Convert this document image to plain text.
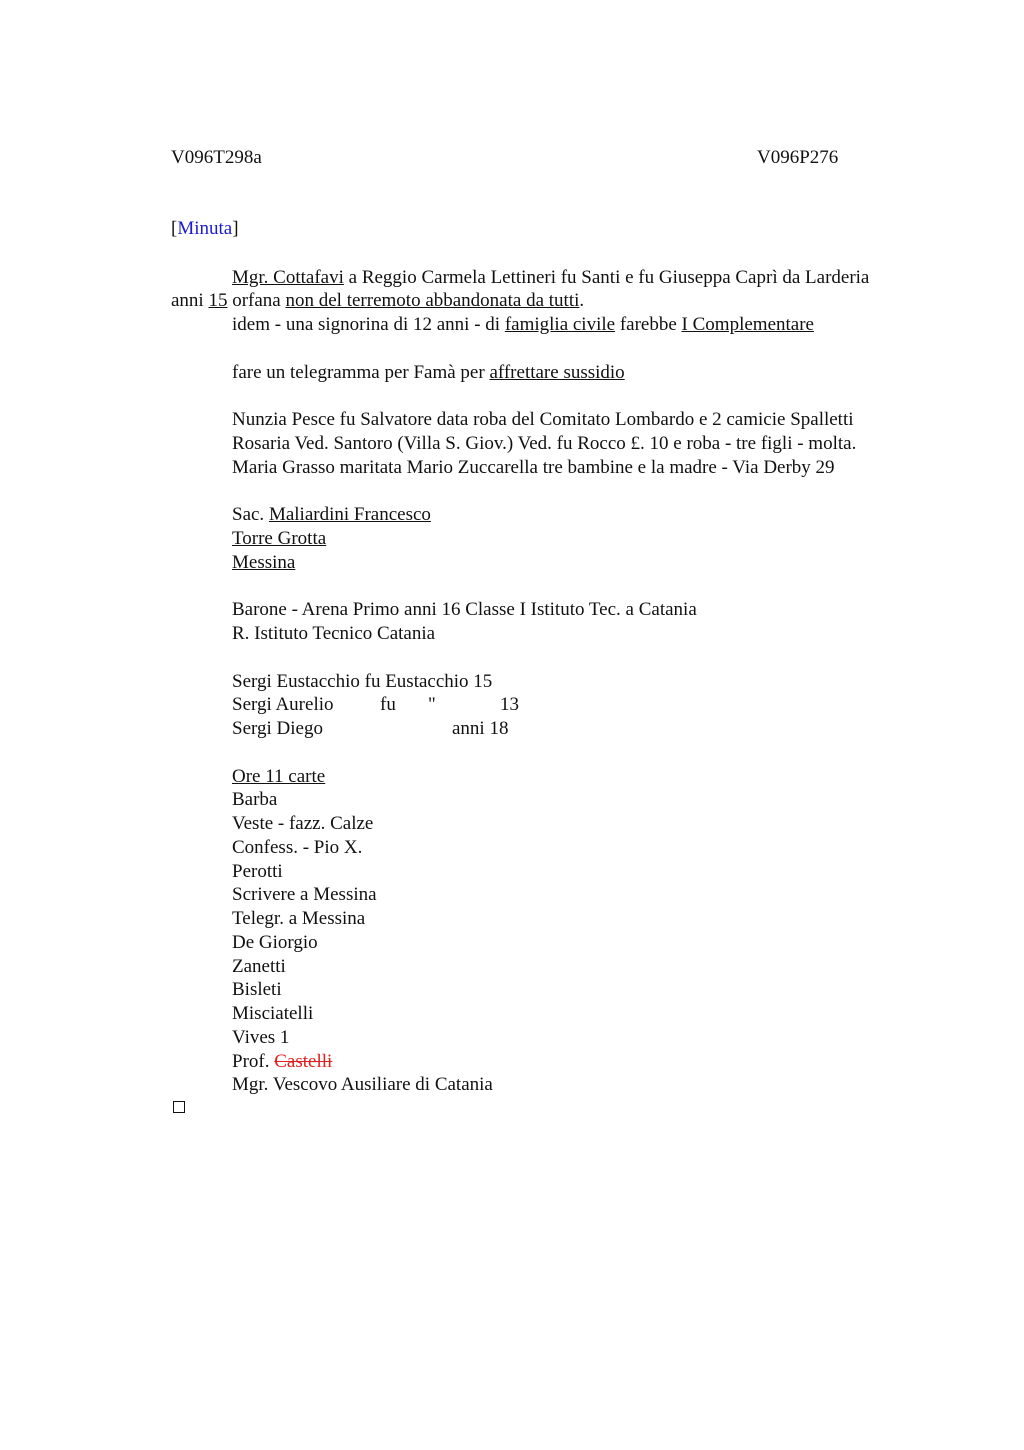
V096T298a	V096P276
[Minuta]
Mgr. Cottafavi a Reggio Carmela Lettineri fu Santi e fu Giuseppa Caprì da Larderia
anni 15 orfana non del terremoto abbandonata da tutti.
idem - una signorina di 12 anni - di famiglia civile farebbe I Complementare
fare un telegramma per Famà per affrettare sussidio
Nunzia Pesce fu Salvatore data roba del Comitato Lombardo e 2 camicie Spalletti
Rosaria Ved. Santoro (Villa S. Giov.) Ved. fu Rocco £. 10 e roba - tre figli - molta.
Maria Grasso maritata Mario Zuccarella tre bambine e la madre - Via Derby 29
Sac. Maliardini Francesco
Torre Grotta
Messina
Barone - Arena Primo anni 16 Classe I Istituto Tec. a Catania
R. Istituto Tecnico Catania
Sergi Eustacchio fu Eustacchio 15
Sergi Aurelio fu "	13
Sergi Diego	anni 18
Ore 11 carte
Barba
Veste - fazz. Calze
Confess. - Pio X.
Perotti
Scrivere a Messina
Telegr. a Messina
De Giorgio
Zanetti
Bisleti
Misciatelli
Vives 1
Prof. Castelli
Mgr. Vescovo Ausiliare di Catania
